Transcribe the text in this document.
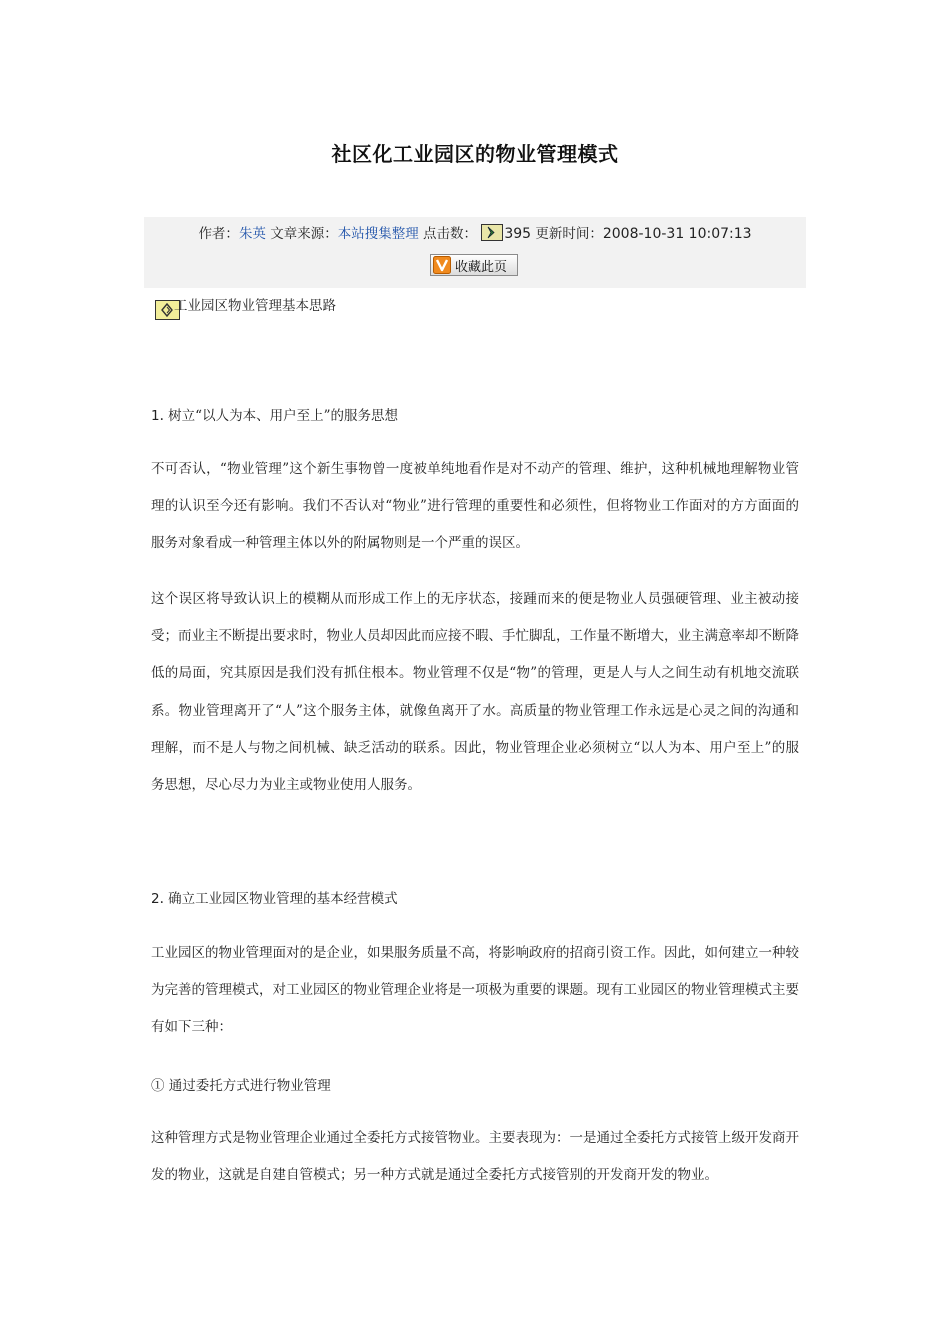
社区化工业园区的物业管理模式
作者：朱英 文章来源：本站搜集整理 点击数： 395 更新时间：2008-10-31 10:07:13
收藏此页
工业园区物业管理基本思路
1. 树立“以人为本、用户至上”的服务思想

不可否认，“物业管理”这个新生事物曾一度被单纯地看作是对不动产的管理、维护，这种机械地理解物业管理的认识至今还有影响。我们不否认对“物业”进行管理的重要性和必须性，但将物业工作面对的方方面面的服务对象看成一种管理主体以外的附属物则是一个严重的误区。

这个误区将导致认识上的模糊从而形成工作上的无序状态，接踵而来的便是物业人员强硬管理、业主被动接受；而业主不断提出要求时，物业人员却因此而应接不暇、手忙脚乱，工作量不断增大，业主满意率却不断降低的局面，究其原因是我们没有抓住根本。物业管理不仅是“物”的管理，更是人与人之间生动有机地交流联系。物业管理离开了“人”这个服务主体，就像鱼离开了水。高质量的物业管理工作永远是心灵之间的沟通和理解，而不是人与物之间机械、缺乏活动的联系。因此，物业管理企业必须树立“以人为本、用户至上”的服务思想，尽心尽力为业主或物业使用人服务。

2. 确立工业园区物业管理的基本经营模式

工业园区的物业管理面对的是企业，如果服务质量不高，将影响政府的招商引资工作。因此，如何建立一种较为完善的管理模式，对工业园区的物业管理企业将是一项极为重要的课题。现有工业园区的物业管理模式主要有如下三种：

① 通过委托方式进行物业管理

这种管理方式是物业管理企业通过全委托方式接管物业。主要表现为：一是通过全委托方式接管上级开发商开发的物业，这就是自建自管模式；另一种方式就是通过全委托方式接管别的开发商开发的物业。
